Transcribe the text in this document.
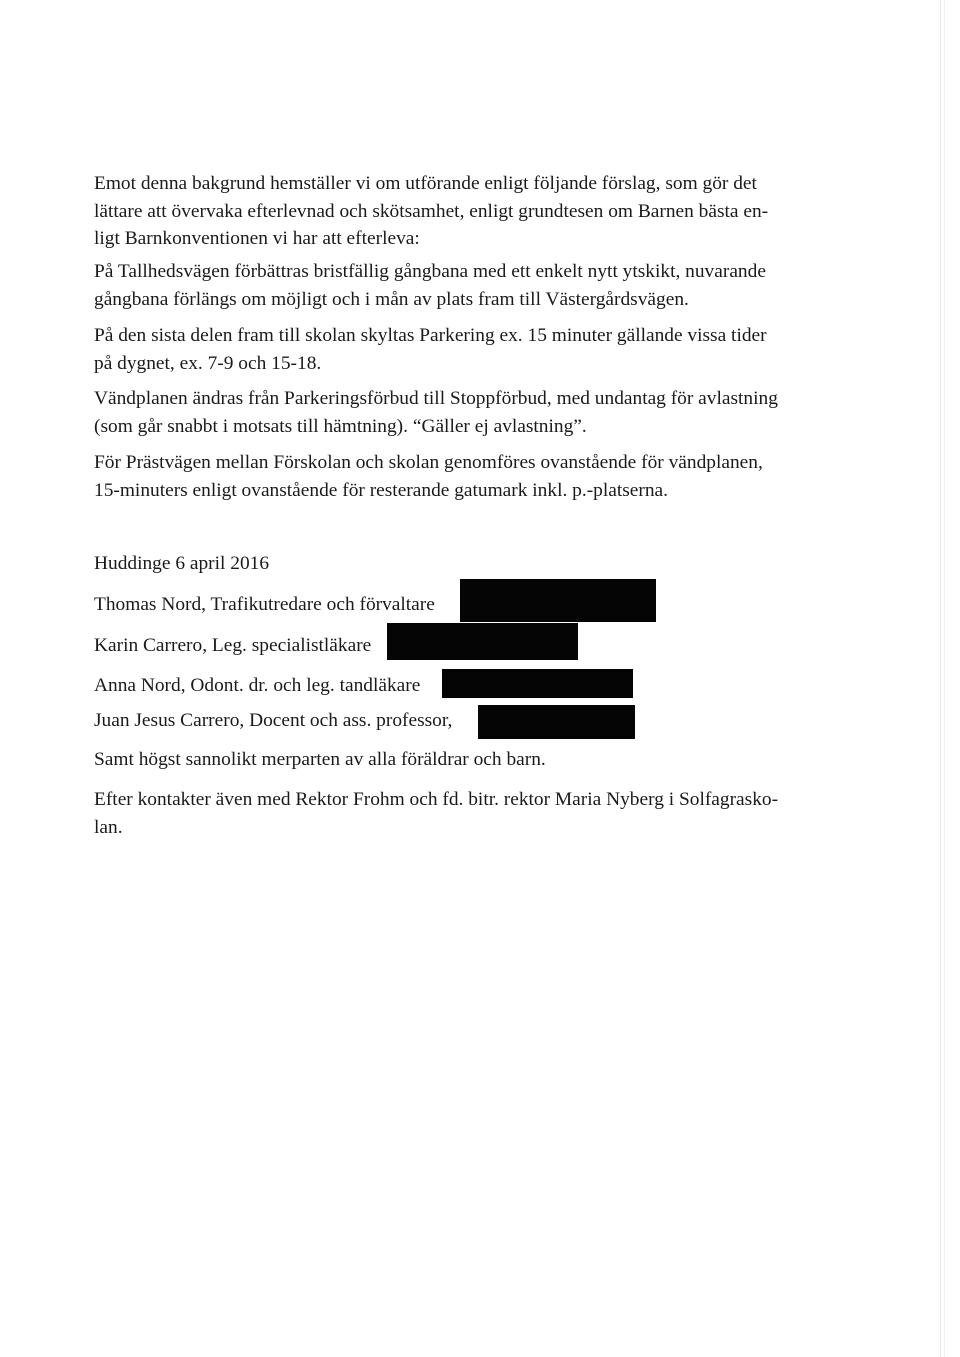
Emot denna bakgrund hemställer vi om utförande enligt följande förslag, som gör det
lättare att övervaka efterlevnad och skötsamhet, enligt grundtesen om Barnen bästa en-
ligt Barnkonventionen vi har att efterleva:

På Tallhedsvägen förbättras bristfällig gångbana med ett enkelt nytt ytskikt, nuvarande
gångbana förlängs om möjligt och i mån av plats fram till Västergårdsvägen.

På den sista delen fram till skolan skyltas Parkering ex. 15 minuter gällande vissa tider
på dygnet, ex. 7-9 och 15-18.

Vändplanen ändras från Parkeringsförbud till Stoppförbud, med undantag för avlastning
(som går snabbt i motsats till hämtning). “Gäller ej avlastning”.

För Prästvägen mellan Förskolan och skolan genomföres ovanstående för vändplanen,
15-minuters enligt ovanstående för resterande gatumark inkl. p.-platserna.

Huddinge 6 april 2016

Thomas Nord, Trafikutredare och förvaltare

Karin Carrero, Leg. specialistläkare

Anna Nord, Odont. dr. och leg. tandläkare

Juan Jesus Carrero, Docent och ass. professor,

Samt högst sannolikt merparten av alla föräldrar och barn.

Efter kontakter även med Rektor Frohm och fd. bitr. rektor Maria Nyberg i Solfagrasko-
lan.
